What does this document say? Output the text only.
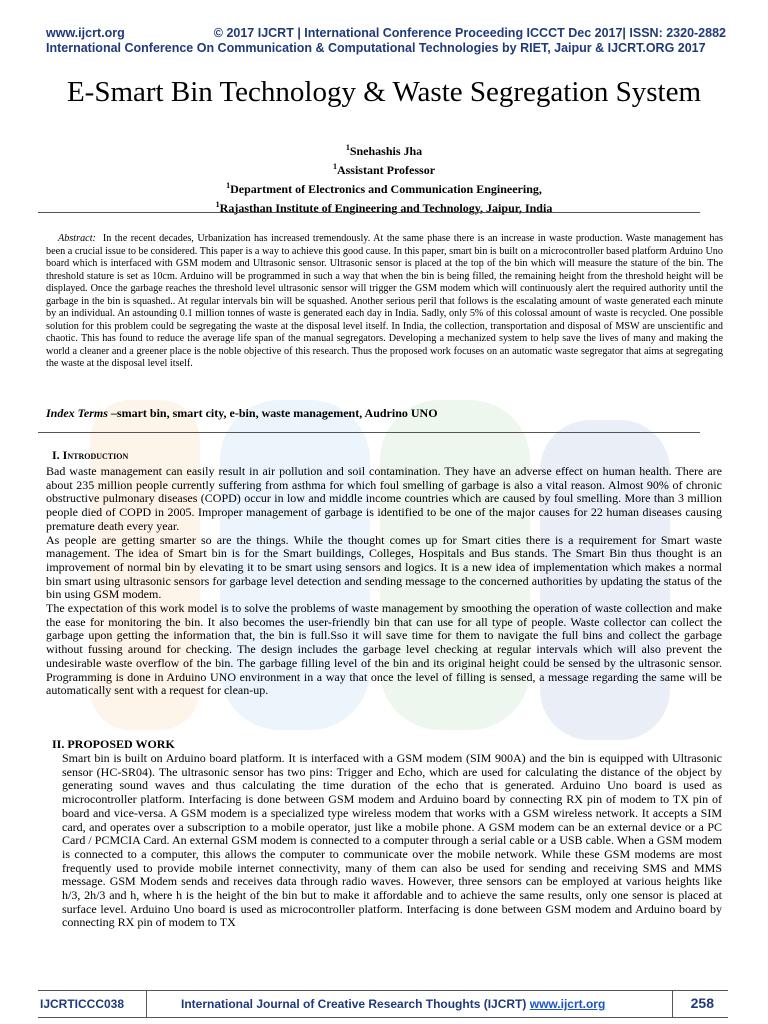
www.ijcrt.org	© 2017 IJCRT | International Conference Proceeding ICCCT Dec 2017| ISSN: 2320-2882
International Conference On Communication & Computational Technologies by RIET, Jaipur & IJCRT.ORG 2017
E-Smart Bin Technology & Waste Segregation System
$^1$Snehashis Jha
$^1$Assistant Professor
$^1$Department of Electronics and Communication Engineering,
$^1$Rajasthan Institute of Engineering and Technology, Jaipur, India
Abstract: In the recent decades, Urbanization has increased tremendously. At the same phase there is an increase in waste production. Waste management has been a crucial issue to be considered. This paper is a way to achieve this good cause. In this paper, smart bin is built on a microcontroller based platform Arduino Uno board which is interfaced with GSM modem and Ultrasonic sensor. Ultrasonic sensor is placed at the top of the bin which will measure the stature of the bin. The threshold stature is set as 10cm. Arduino will be programmed in such a way that when the bin is being filled, the remaining height from the threshold height will be displayed. Once the garbage reaches the threshold level ultrasonic sensor will trigger the GSM modem which will continuously alert the required authority until the garbage in the bin is squashed.. At regular intervals bin will be squashed. Another serious peril that follows is the escalating amount of waste generated each minute by an individual. An astounding 0.1 million tonnes of waste is generated each day in India. Sadly, only 5% of this colossal amount of waste is recycled. One possible solution for this problem could be segregating the waste at the disposal level itself. In India, the collection, transportation and disposal of MSW are unscientific and chaotic. This has found to reduce the average life span of the manual segregators. Developing a mechanized system to help save the lives of many and making the world a cleaner and a greener place is the noble objective of this research. Thus the proposed work focuses on an automatic waste segregator that aims at segregating the waste at the disposal level itself.
Index Terms –smart bin, smart city, e-bin, waste management, Audrino UNO
I. Introduction

Bad waste management can easily result in air pollution and soil contamination. They have an adverse effect on human health. There are about 235 million people currently suffering from asthma for which foul smelling of garbage is also a vital reason. Almost 90% of chronic obstructive pulmonary diseases (COPD) occur in low and middle income countries which are caused by foul smelling. More than 3 million people died of COPD in 2005. Improper management of garbage is identified to be one of the major causes for 22 human diseases causing premature death every year.

As people are getting smarter so are the things. While the thought comes up for Smart cities there is a requirement for Smart waste management. The idea of Smart bin is for the Smart buildings, Colleges, Hospitals and Bus stands. The Smart Bin thus thought is an improvement of normal bin by elevating it to be smart using sensors and logics. It is a new idea of implementation which makes a normal bin smart using ultrasonic sensors for garbage level detection and sending message to the concerned authorities by updating the status of the bin using GSM modem.

The expectation of this work model is to solve the problems of waste management by smoothing the operation of waste collection and make the ease for monitoring the bin. It also becomes the user-friendly bin that can use for all type of people. Waste collector can collect the garbage upon getting the information that, the bin is full.Sso it will save time for them to navigate the full bins and collect the garbage without fussing around for checking. The design includes the garbage level checking at regular intervals which will also prevent the undesirable waste overflow of the bin. The garbage filling level of the bin and its original height could be sensed by the ultrasonic sensor. Programming is done in Arduino UNO environment in a way that once the level of filling is sensed, a message regarding the same will be automatically sent with a request for clean-up.

II. PROPOSED WORK

Smart bin is built on Arduino board platform. It is interfaced with a GSM modem (SIM 900A) and the bin is equipped with Ultrasonic sensor (HC-SR04). The ultrasonic sensor has two pins: Trigger and Echo, which are used for calculating the distance of the object by generating sound waves and thus calculating the time duration of the echo that is generated. Arduino Uno board is used as microcontroller platform. Interfacing is done between GSM modem and Arduino board by connecting RX pin of modem to TX pin of board and vice-versa. A GSM modem is a specialized type wireless modem that works with a GSM wireless network. It accepts a SIM card, and operates over a subscription to a mobile operator, just like a mobile phone. A GSM modem can be an external device or a PC Card / PCMCIA Card. An external GSM modem is connected to a computer through a serial cable or a USB cable. When a GSM modem is connected to a computer, this allows the computer to communicate over the mobile network. While these GSM modems are most frequently used to provide mobile internet connectivity, many of them can also be used for sending and receiving SMS and MMS message. GSM Modem sends and receives data through radio waves. However, three sensors can be employed at various heights like h/3, 2h/3 and h, where h is the height of the bin but to make it affordable and to achieve the same results, only one sensor is placed at surface level. Arduino Uno board is used as microcontroller platform. Interfacing is done between GSM modem and Arduino board by connecting RX pin of modem to TX

IJCRTICCC038	International Journal of Creative Research Thoughts (IJCRT) www.ijcrt.org	258
